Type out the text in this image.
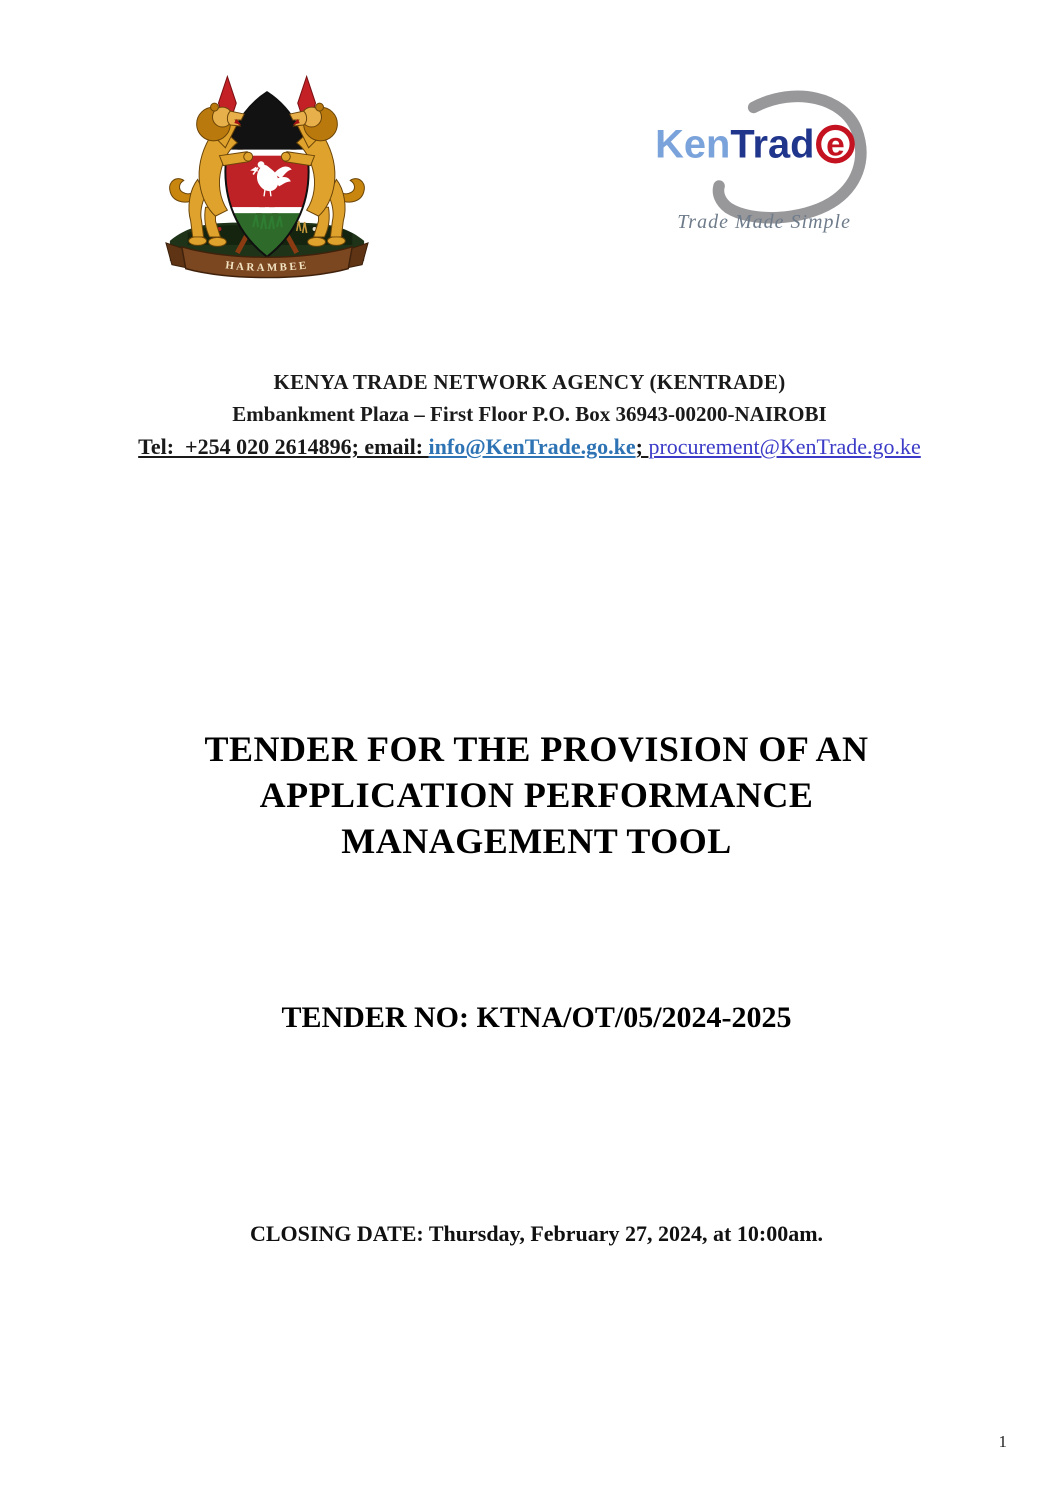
HARAMBEE
KenTrad e
Trade Made Simple
KENYA TRADE NETWORK AGENCY (KENTRADE)
Embankment Plaza – First Floor P.O. Box 36943-00200-NAIROBI
Tel:  +254 020 2614896; email: info@KenTrade.go.ke; procurement@KenTrade.go.ke
TENDER FOR THE PROVISION OF AN
APPLICATION PERFORMANCE
MANAGEMENT TOOL
TENDER NO: KTNA/OT/05/2024-2025
CLOSING DATE: Thursday, February 27, 2024, at 10:00am.
1
